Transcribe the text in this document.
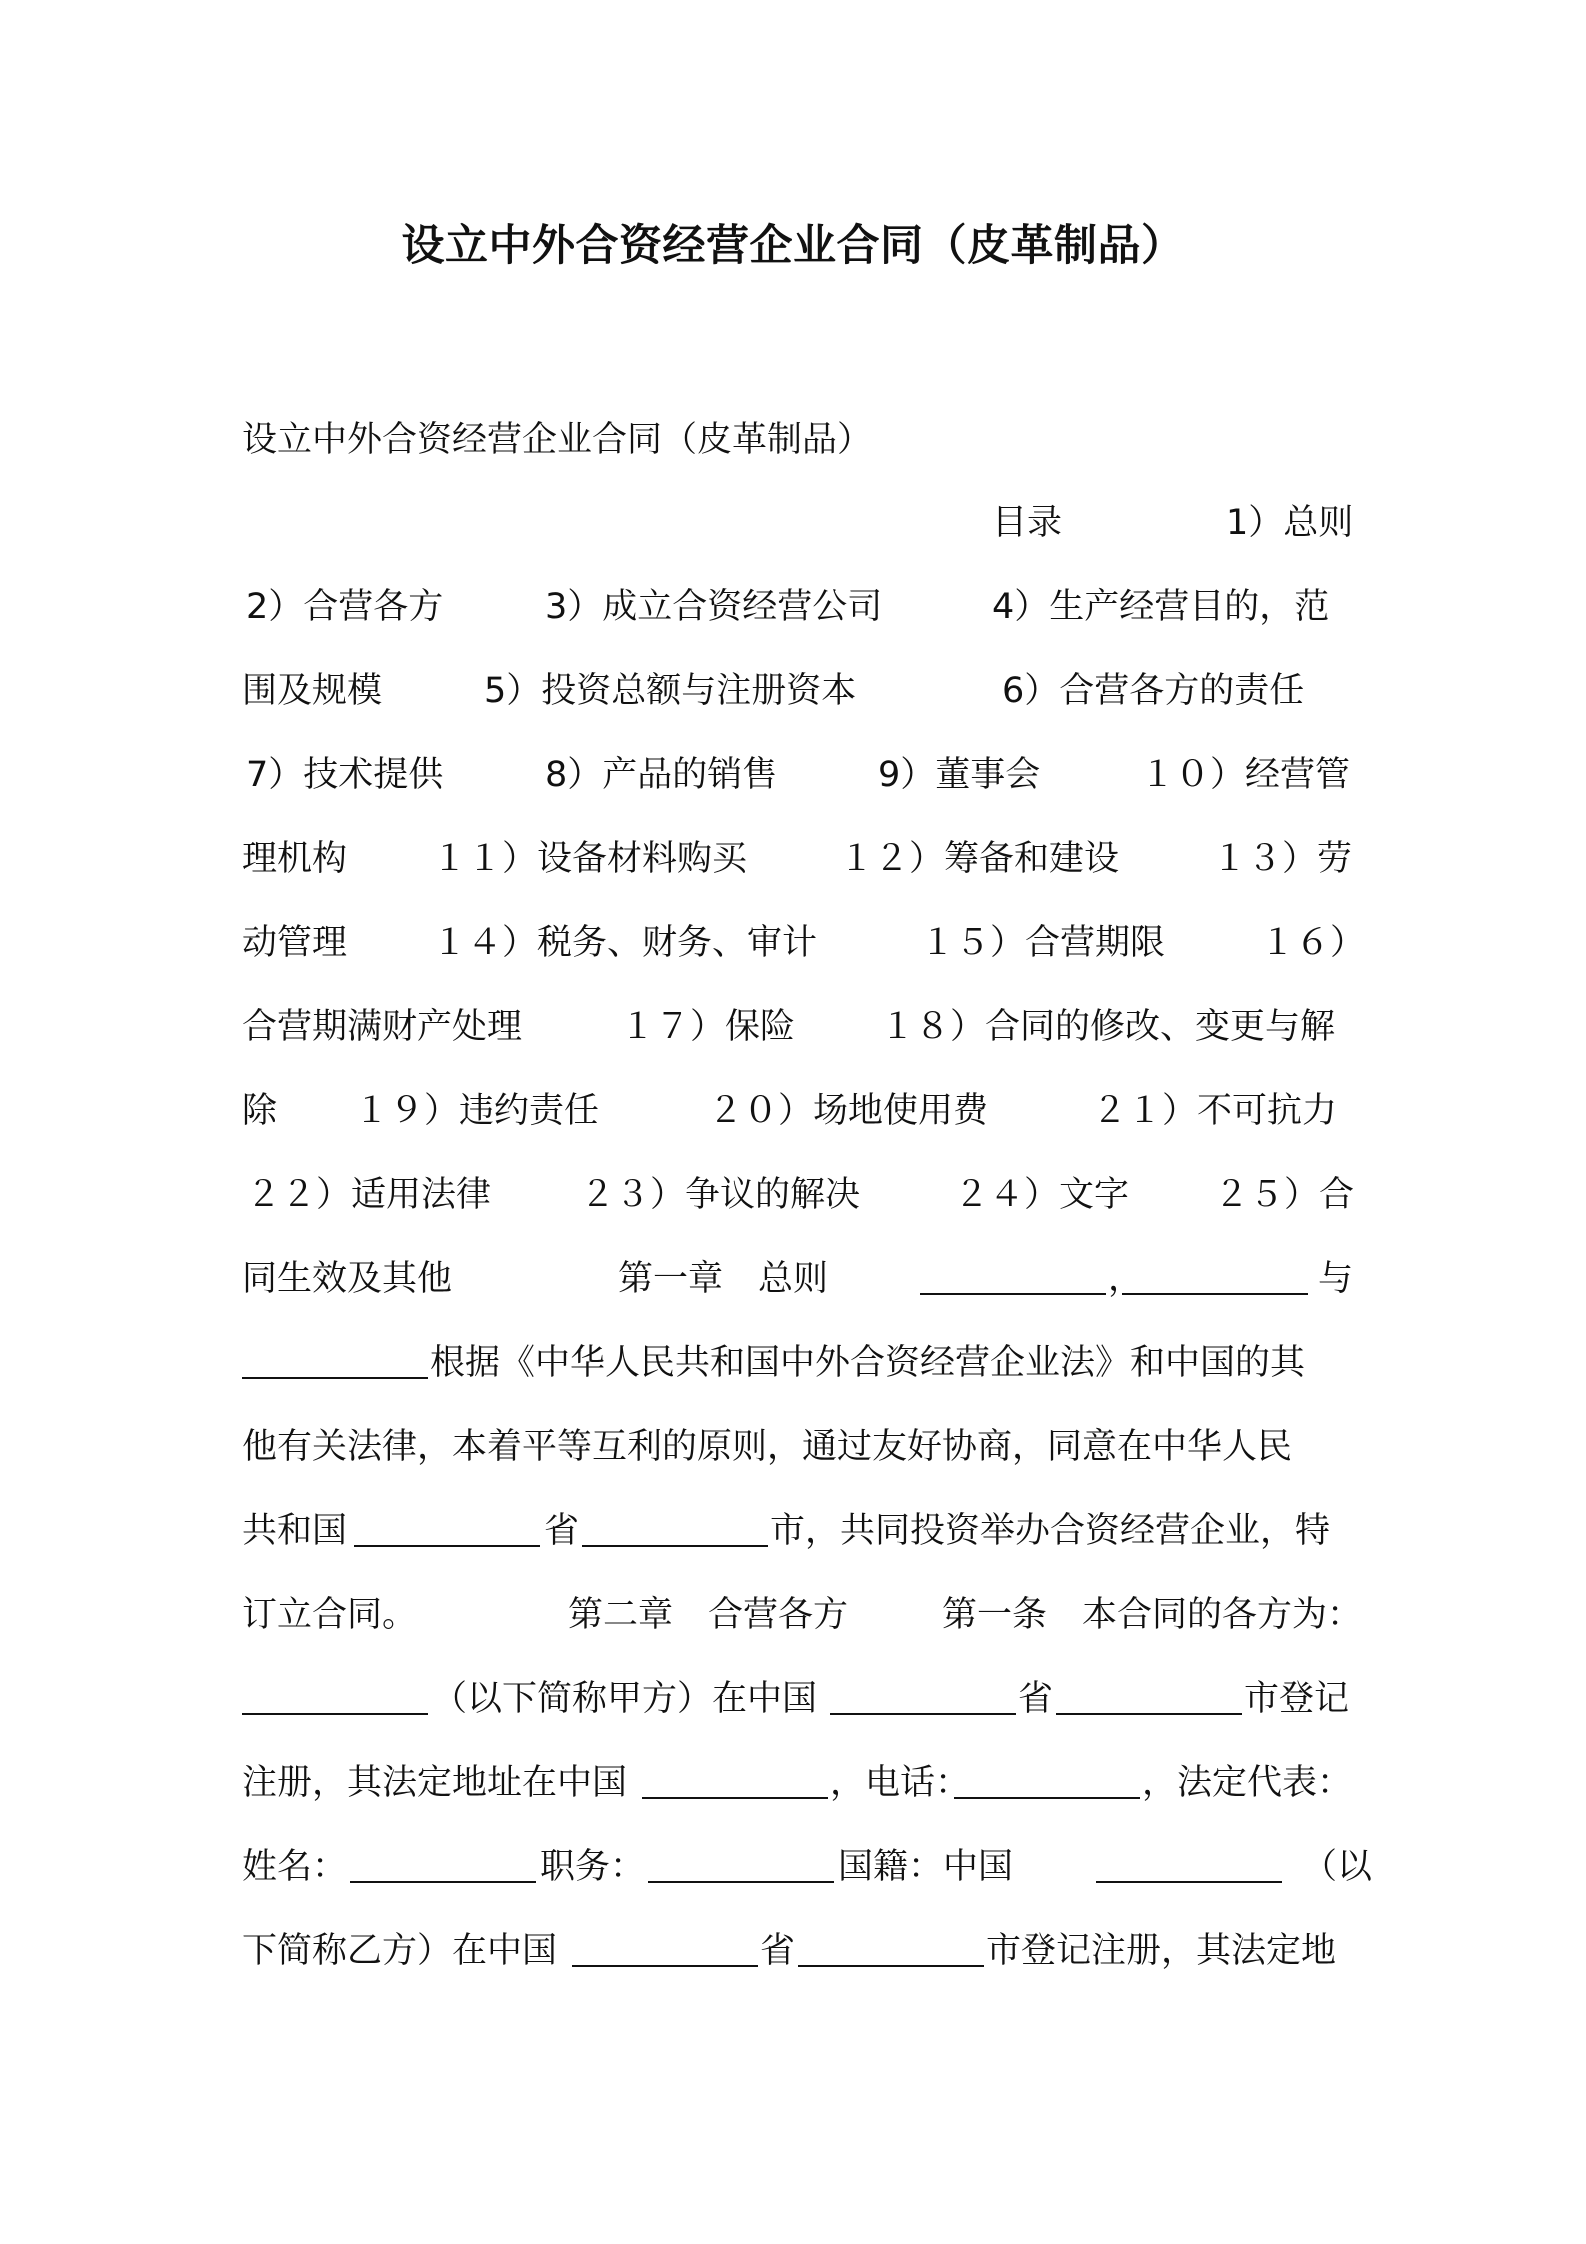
设立中外合资经营企业合同（皮革制品）
设立中外合资经营企业合同（皮革制品）
目录	1）总则
2）合营各方	3）成立合资经营公司	4）生产经营目的，范
围及规模	5）投资总额与注册资本	6）合营各方的责任
7）技术提供	8）产品的销售	9）董事会	１０）经营管
理机构 １１）设备材料购买	１２）筹备和建设	１３）劳
动管理 １４）税务、财务、审计	１５）合营期限	１６）
合营期满财产处理	１７）保险 １８）合同的修改、变更与解
除 １９）违约责任	２０）场地使用费	２１）不可抗力
２２）适用法律	２３）争议的解决	２４）文字 ２５）合
同生效及其他	第一章　总则	，	与
根据《中华人民共和国中外合资经营企业法》和中国的其
他有关法律，本着平等互利的原则，通过友好协商，同意在中华人民
共和国	省	市，共同投资举办合资经营企业，特
订立合同。	第二章　合营各方	第一条　本合同的各方为：
（以下简称甲方）在中国	省	市登记
注册，其法定地址在中国	，电话：	，法定代表：
姓名：	职务：	国籍：中国	（以
下简称乙方）在中国	省	市登记注册，其法定地
